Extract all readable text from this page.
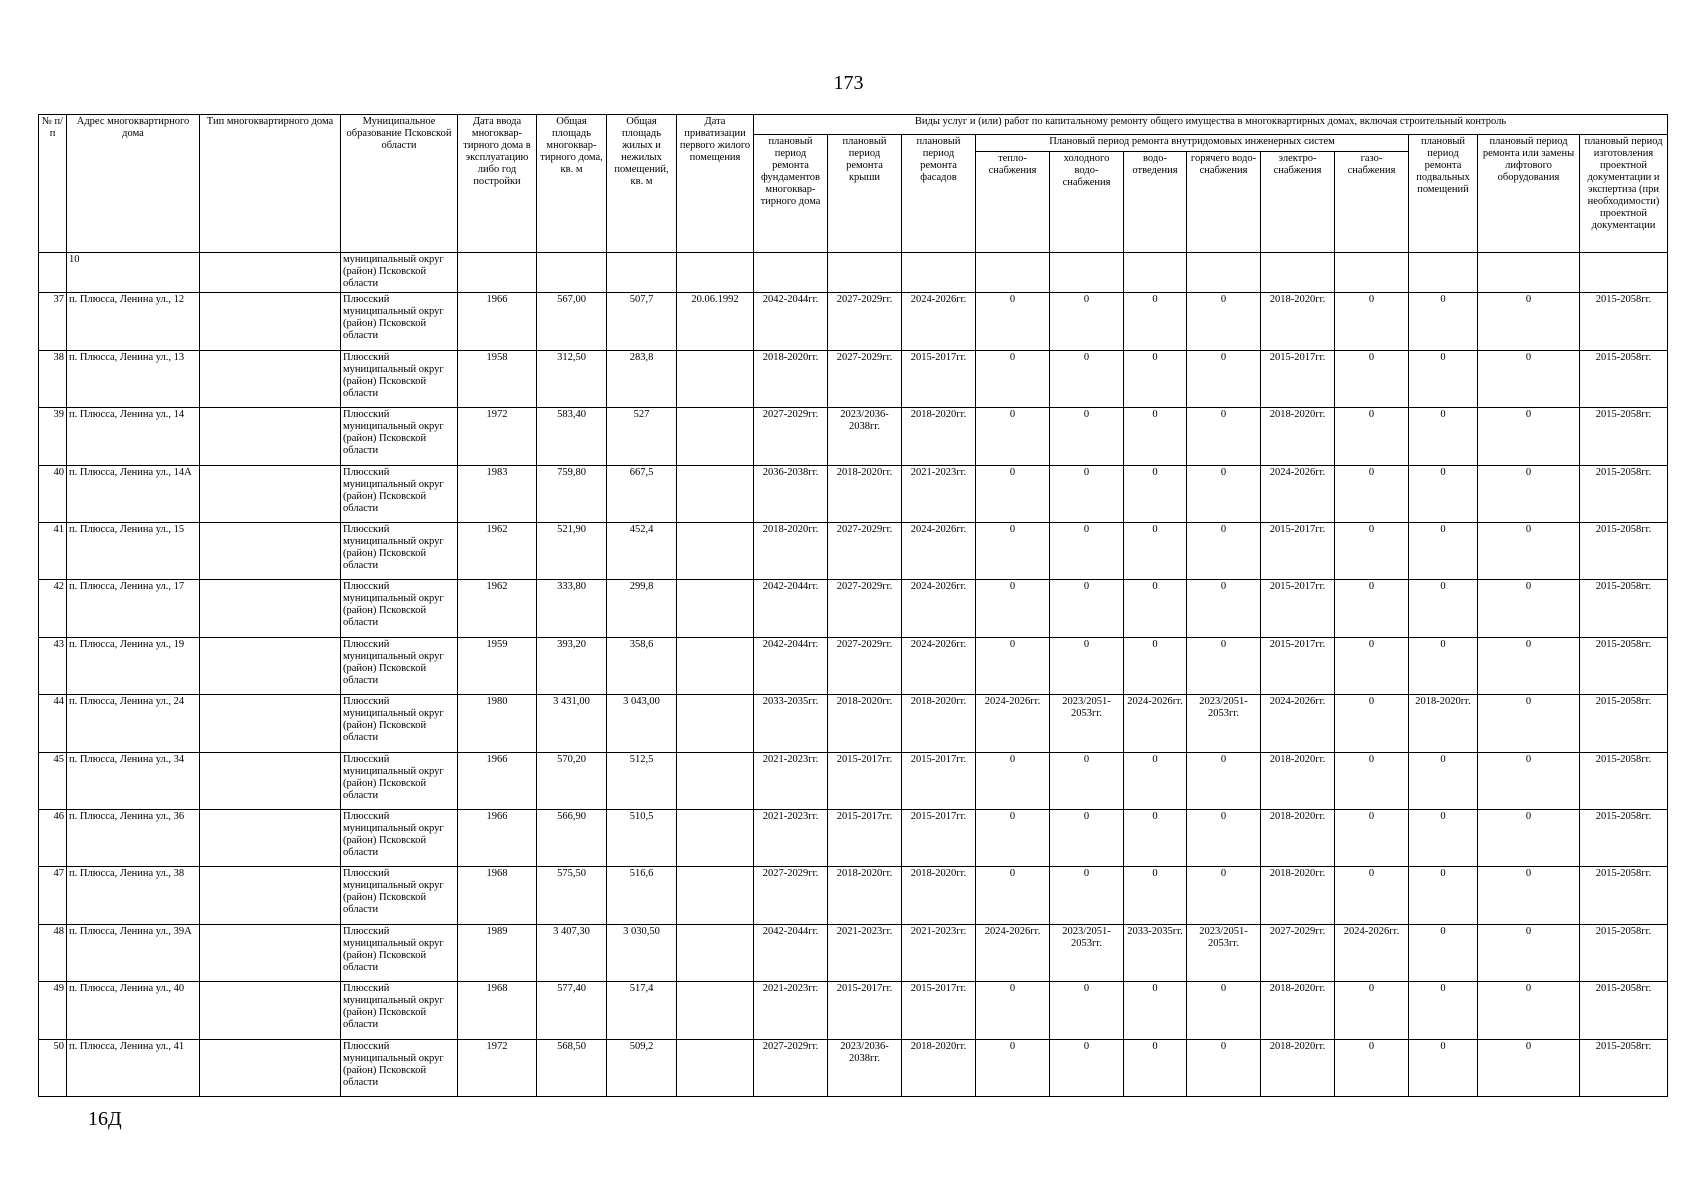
173
№ п/п	Адрес многоквартирного дома	Тип многоквартирного дома	Муниципальное образование Псковской области	Дата ввода многоквар-тирного дома в эксплуатацию либо год постройки	Общая площадь многоквар-тирного дома, кв. м	Общая площадь жилых и нежилых помещений, кв. м	Дата приватизации первого жилого помещения	Виды услуг и (или) работ по капитальному ремонту общего имущества в многоквартирных домах, включая строительный контроль											
								плановый период ремонта фундаментов многоквар-тирного дома	плановый период ремонта крыши	плановый период ремонта фасадов	Плановый период ремонта внутридомовых инженерных систем						плановый период ремонта подвальных помещений	плановый период ремонта или замены лифтового оборудования	плановый период изготовления проектной документации и экспертиза (при необходимости) проектной документации
											тепло-снабжения	холодного водо-снабжения	водо-отведения	горячего водо-снабжения	электро-снабжения	газо-снабжения			
	10		муниципальный округ (район) Псковской области																
37	п. Плюсса, Ленина ул., 12		Плюсский муниципальный округ (район) Псковской области	1966	567,00	507,7	20.06.1992	2042-2044гг.	2027-2029гг.	2024-2026гг.	0	0	0	0	2018-2020гг.	0	0	0	2015-2058гг.
38	п. Плюсса, Ленина ул., 13		Плюсский муниципальный округ (район) Псковской области	1958	312,50	283,8		2018-2020гг.	2027-2029гг.	2015-2017гг.	0	0	0	0	2015-2017гг.	0	0	0	2015-2058гг.
39	п. Плюсса, Ленина ул., 14		Плюсский муниципальный округ (район) Псковской области	1972	583,40	527		2027-2029гг.	2023/2036-2038гг.	2018-2020гг.	0	0	0	0	2018-2020гг.	0	0	0	2015-2058гг.
40	п. Плюсса, Ленина ул., 14А		Плюсский муниципальный округ (район) Псковской области	1983	759,80	667,5		2036-2038гг.	2018-2020гг.	2021-2023гг.	0	0	0	0	2024-2026гг.	0	0	0	2015-2058гг.
41	п. Плюсса, Ленина ул., 15		Плюсский муниципальный округ (район) Псковской области	1962	521,90	452,4		2018-2020гг.	2027-2029гг.	2024-2026гг.	0	0	0	0	2015-2017гг.	0	0	0	2015-2058гг.
42	п. Плюсса, Ленина ул., 17		Плюсский муниципальный округ (район) Псковской области	1962	333,80	299,8		2042-2044гг.	2027-2029гг.	2024-2026гг.	0	0	0	0	2015-2017гг.	0	0	0	2015-2058гг.
43	п. Плюсса, Ленина ул., 19		Плюсский муниципальный округ (район) Псковской области	1959	393,20	358,6		2042-2044гг.	2027-2029гг.	2024-2026гг.	0	0	0	0	2015-2017гг.	0	0	0	2015-2058гг.
44	п. Плюсса, Ленина ул., 24		Плюсский муниципальный округ (район) Псковской области	1980	3 431,00	3 043,00		2033-2035гг.	2018-2020гг.	2018-2020гг.	2024-2026гг.	2023/2051-2053гг.	2024-2026гг.	2023/2051-2053гг.	2024-2026гг.	0	2018-2020гг.	0	2015-2058гг.
45	п. Плюсса, Ленина ул., 34		Плюсский муниципальный округ (район) Псковской области	1966	570,20	512,5		2021-2023гг.	2015-2017гг.	2015-2017гг.	0	0	0	0	2018-2020гг.	0	0	0	2015-2058гг.
46	п. Плюсса, Ленина ул., 36		Плюсский муниципальный округ (район) Псковской области	1966	566,90	510,5		2021-2023гг.	2015-2017гг.	2015-2017гг.	0	0	0	0	2018-2020гг.	0	0	0	2015-2058гг.
47	п. Плюсса, Ленина ул., 38		Плюсский муниципальный округ (район) Псковской области	1968	575,50	516,6		2027-2029гг.	2018-2020гг.	2018-2020гг.	0	0	0	0	2018-2020гг.	0	0	0	2015-2058гг.
48	п. Плюсса, Ленина ул., 39А		Плюсский муниципальный округ (район) Псковской области	1989	3 407,30	3 030,50		2042-2044гг.	2021-2023гг.	2021-2023гг.	2024-2026гг.	2023/2051-2053гг.	2033-2035гг.	2023/2051-2053гг.	2027-2029гг.	2024-2026гг.	0	0	2015-2058гг.
49	п. Плюсса, Ленина ул., 40		Плюсский муниципальный округ (район) Псковской области	1968	577,40	517,4		2021-2023гг.	2015-2017гг.	2015-2017гг.	0	0	0	0	2018-2020гг.	0	0	0	2015-2058гг.
50	п. Плюсса, Ленина ул., 41		Плюсский муниципальный округ (район) Псковской области	1972	568,50	509,2		2027-2029гг.	2023/2036-2038гг.	2018-2020гг.	0	0	0	0	2018-2020гг.	0	0	0	2015-2058гг.
16Д
